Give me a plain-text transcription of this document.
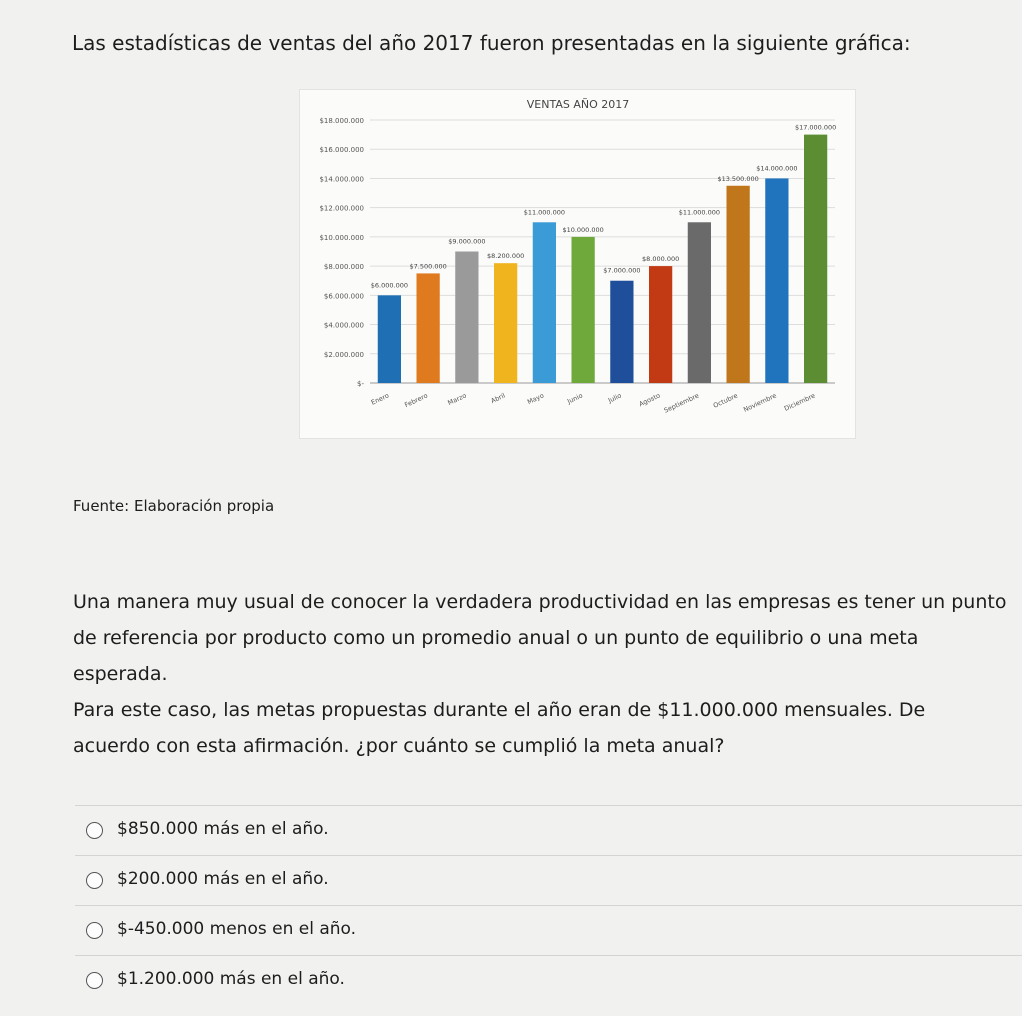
Las estadísticas de ventas del año 2017 fueron presentadas en la siguiente gráfica:
VENTAS AÑO 2017
$-
$2.000.000
$4.000.000
$6.000.000
$8.000.000
$10.000.000
$12.000.000
$14.000.000
$16.000.000
$18.000.000
$6.000.000
Enero
$7.500.000
Febrero
$9.000.000
Marzo
$8.200.000
Abril
$11.000.000
Mayo
$10.000.000
Junio
$7.000.000
Julio
$8.000.000
Agosto
$11.000.000
Septiembre
$13.500.000
Octubre
$14.000.000
Noviembre
$17.000.000
Diciembre
Fuente: Elaboración propia

Una manera muy usual de conocer la verdadera productividad en las empresas es tener un punto de referencia por producto como un promedio anual o un punto de equilibrio o una meta esperada.

Para este caso, las metas propuestas durante el año eran de $11.000.000 mensuales. De acuerdo con esta afirmación. ¿por cuánto se cumplió la meta anual?

$850.000 más en el año.
$200.000 más en el año.
$-450.000 menos en el año.
$1.200.000 más en el año.
